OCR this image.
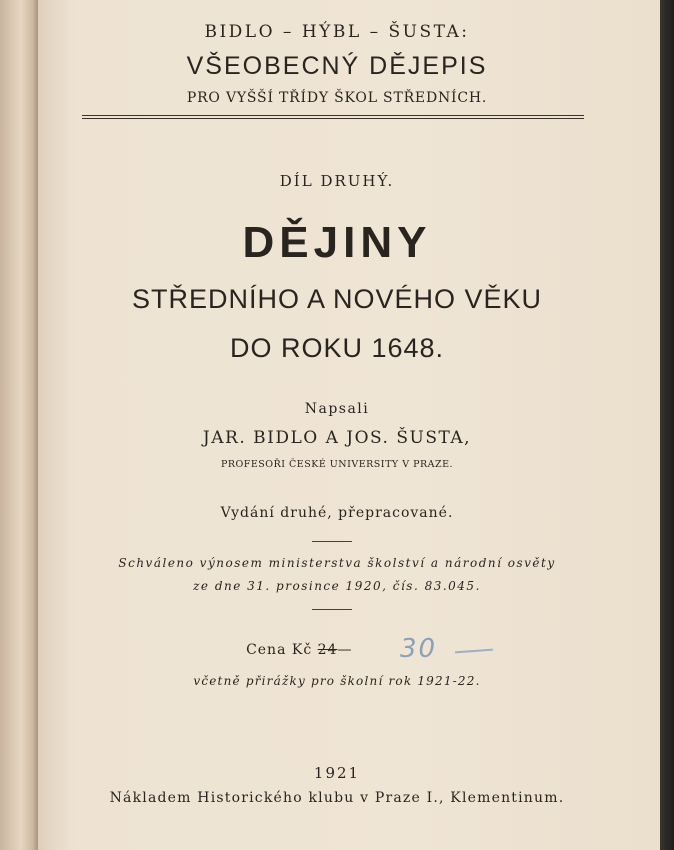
BIDLO – HÝBL – ŠUSTA:
VŠEOBECNÝ DĚJEPIS
PRO VYŠŠÍ TŘÍDY ŠKOL STŘEDNÍCH.
DÍL DRUHÝ.
DĚJINY
STŘEDNÍHO A NOVÉHO VĚKU
DO ROKU 1648.
Napsali
JAR. BIDLO A JOS. ŠUSTA,
PROFESOŘI ČESKÉ UNIVERSITY V PRAZE.
Vydání druhé, přepracované.
Schváleno výnosem ministerstva školství a národní osvěty
ze dne 31. prosince 1920, čís. 83.045.
Cena Kč 24—	30
včetně přirážky pro školní rok 1921-22.
1921
Nákladem Historického klubu v Praze I., Klementinum.
